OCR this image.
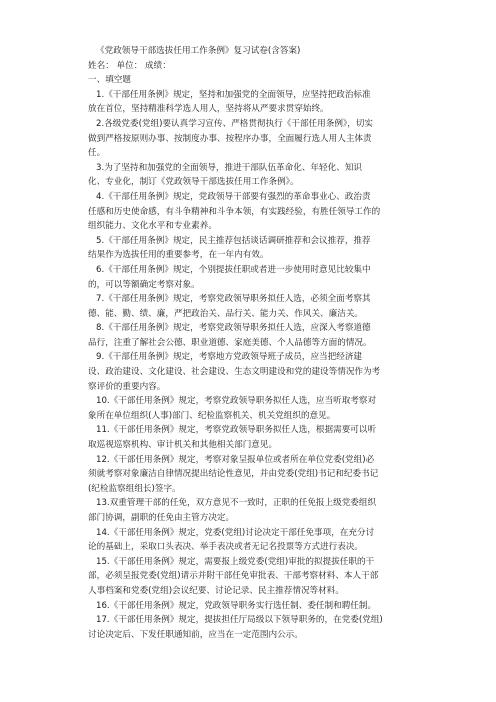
《党政领导干部选拔任用工作条例》复习试卷(含答案)
姓名： 单位： 成绩：
一、填空题
1.《干部任用条例》规定，坚持和加强党的全面领导，应坚持把政治标准
放在首位，坚持精准科学选人用人，坚持将从严要求贯穿始终。
2.各级党委(党组)要认真学习宣传、严格贯彻执行《干部任用条例》，切实
做到严格按原则办事、按制度办事、按程序办事，全面履行选人用人主体责
任。
3.为了坚持和加强党的全面领导，推进干部队伍革命化、年轻化、知识
化、专业化，制订《党政领导干部选拔任用工作条例》。
4.《干部任用条例》规定，党政领导干部要有强烈的革命事业心、政治责
任感和历史使命感，有斗争精神和斗争本领，有实践经验，有胜任领导工作的
组织能力、文化水平和专业素养。
5.《干部任用条例》规定，民主推荐包括谈话调研推荐和会议推荐，推荐
结果作为选拔任用的重要参考，在一年内有效。
6.《干部任用条例》规定，个别提拔任职或者进一步使用时意见比较集中
的，可以等额确定考察对象。
7.《干部任用条例》规定，考察党政领导职务拟任人选，必须全面考察其
德、能、勤、绩、廉，严把政治关、品行关、能力关、作风关、廉洁关。
8.《干部任用条例》规定，考察党政领导职务拟任人选，应深入考察道德
品行，注重了解社会公德、职业道德、家庭美德、个人品德等方面的情况。
9.《干部任用条例》规定，考察地方党政领导班子成员，应当把经济建
设、政治建设、文化建设、社会建设、生态文明建设和党的建设等情况作为考
察评价的重要内容。
10.《干部任用条例》规定，考察党政领导职务拟任人选，应当听取考察对
象所在单位组织(人事)部门、纪检监察机关、机关党组织的意见。
11.《干部任用条例》规定，考察党政领导职务拟任人选，根据需要可以听
取巡视巡察机构、审计机关和其他相关部门意见。
12.《干部任用条例》规定，考察对象呈报单位或者所在单位党委(党组)必
须就考察对象廉洁自律情况提出结论性意见，并由党委(党组)书记和纪委书记
(纪检监察组组长)签字。
13.双重管理干部的任免，双方意见不一致时，正职的任免报上级党委组织
部门协调，副职的任免由主管方决定。
14.《干部任用条例》规定，党委(党组)讨论决定干部任免事项，在充分讨
论的基础上，采取口头表决、举手表决或者无记名投票等方式进行表决。
15.《干部任用条例》规定，需要报上级党委(党组)审批的拟提拔任职的干
部，必须呈报党委(党组)请示并附干部任免审批表、干部考察材料、本人干部
人事档案和党委(党组)会议纪要、讨论记录、民主推荐情况等材料。
16.《干部任用条例》规定，党政领导职务实行选任制、委任制和聘任制。
17.《干部任用条例》规定，提拔担任厅局级以下领导职务的，在党委(党组)
讨论决定后、下发任职通知前，应当在一定范围内公示。
